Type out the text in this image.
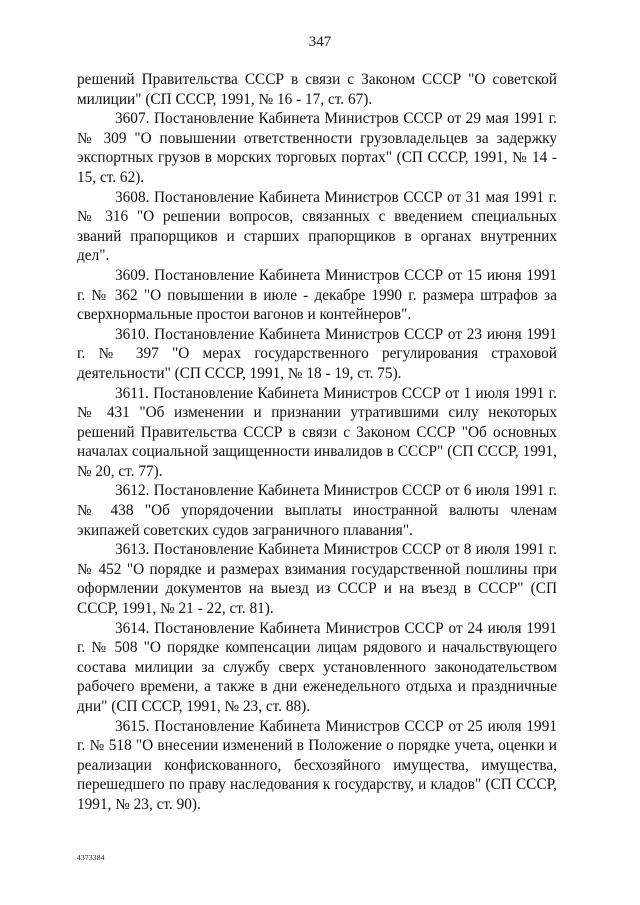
347

решений Правительства СССР в связи с Законом СССР "О советской милиции" (СП СССР, 1991, № 16 - 17, ст. 67).

3607. Постановление Кабинета Министров СССР от 29 мая 1991 г. № 309 "О повышении ответственности грузовладельцев за задержку экспортных грузов в морских торговых портах" (СП СССР, 1991, № 14 - 15, ст. 62).

3608. Постановление Кабинета Министров СССР от 31 мая 1991 г. № 316 "О решении вопросов, связанных с введением специальных званий прапорщиков и старших прапорщиков в органах внутренних дел".

3609. Постановление Кабинета Министров СССР от 15 июня 1991 г. № 362 "О повышении в июле - декабре 1990 г. размера штрафов за сверхнормальные простои вагонов и контейнеров".

3610. Постановление Кабинета Министров СССР от 23 июня 1991 г. № 397 "О мерах государственного регулирования страховой деятельности" (СП СССР, 1991, № 18 - 19, ст. 75).

3611. Постановление Кабинета Министров СССР от 1 июля 1991 г. № 431 "Об изменении и признании утратившими силу некоторых решений Правительства СССР в связи с Законом СССР "Об основных началах социальной защищенности инвалидов в СССР" (СП СССР, 1991, № 20, ст. 77).

3612. Постановление Кабинета Министров СССР от 6 июля 1991 г. № 438 "Об упорядочении выплаты иностранной валюты членам экипажей советских судов заграничного плавания".

3613. Постановление Кабинета Министров СССР от 8 июля 1991 г. № 452 "О порядке и размерах взимания государственной пошлины при оформлении документов на выезд из СССР и на въезд в СССР" (СП СССР, 1991, № 21 - 22, ст. 81).

3614. Постановление Кабинета Министров СССР от 24 июля 1991 г. № 508 "О порядке компенсации лицам рядового и начальствующего состава милиции за службу сверх установленного законодательством рабочего времени, а также в дни еженедельного отдыха и праздничные дни" (СП СССР, 1991, № 23, ст. 88).

3615. Постановление Кабинета Министров СССР от 25 июля 1991 г. № 518 "О внесении изменений в Положение о порядке учета, оценки и реализации конфискованного, бесхозяйного имущества, имущества, перешедшего по праву наследования к государству, и кладов" (СП СССР, 1991, № 23, ст. 90).

4373384
